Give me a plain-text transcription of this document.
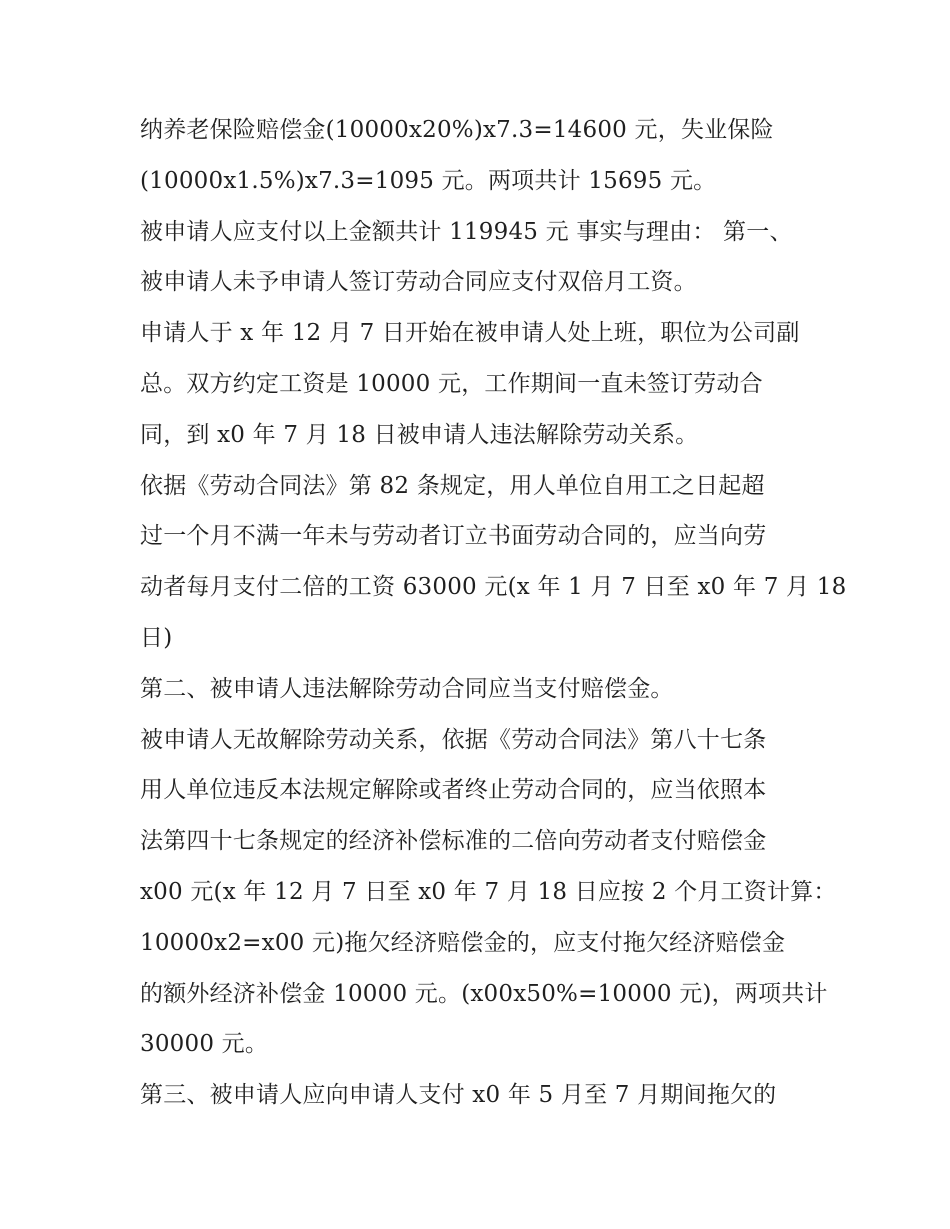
纳养老保险赔偿金(10000x20%)x7.3=14600 元，失业保险
(10000x1.5%)x7.3=1095 元。两项共计 15695 元。
被申请人应支付以上金额共计 119945 元 事实与理由： 第一、
被申请人未予申请人签订劳动合同应支付双倍月工资。
申请人于 x 年 12 月 7 日开始在被申请人处上班，职位为公司副
总。双方约定工资是 10000 元，工作期间一直未签订劳动合
同，到 x0 年 7 月 18 日被申请人违法解除劳动关系。
依据《劳动合同法》第 82 条规定，用人单位自用工之日起超
过一个月不满一年未与劳动者订立书面劳动合同的，应当向劳
动者每月支付二倍的工资 63000 元(x 年 1 月 7 日至 x0 年 7 月 18
日)
第二、被申请人违法解除劳动合同应当支付赔偿金。
被申请人无故解除劳动关系，依据《劳动合同法》第八十七条
用人单位违反本法规定解除或者终止劳动合同的，应当依照本
法第四十七条规定的经济补偿标准的二倍向劳动者支付赔偿金
x00 元(x 年 12 月 7 日至 x0 年 7 月 18 日应按 2 个月工资计算：
10000x2=x00 元)拖欠经济赔偿金的，应支付拖欠经济赔偿金
的额外经济补偿金 10000 元。(x00x50%=10000 元)，两项共计
30000 元。
第三、被申请人应向申请人支付 x0 年 5 月至 7 月期间拖欠的
